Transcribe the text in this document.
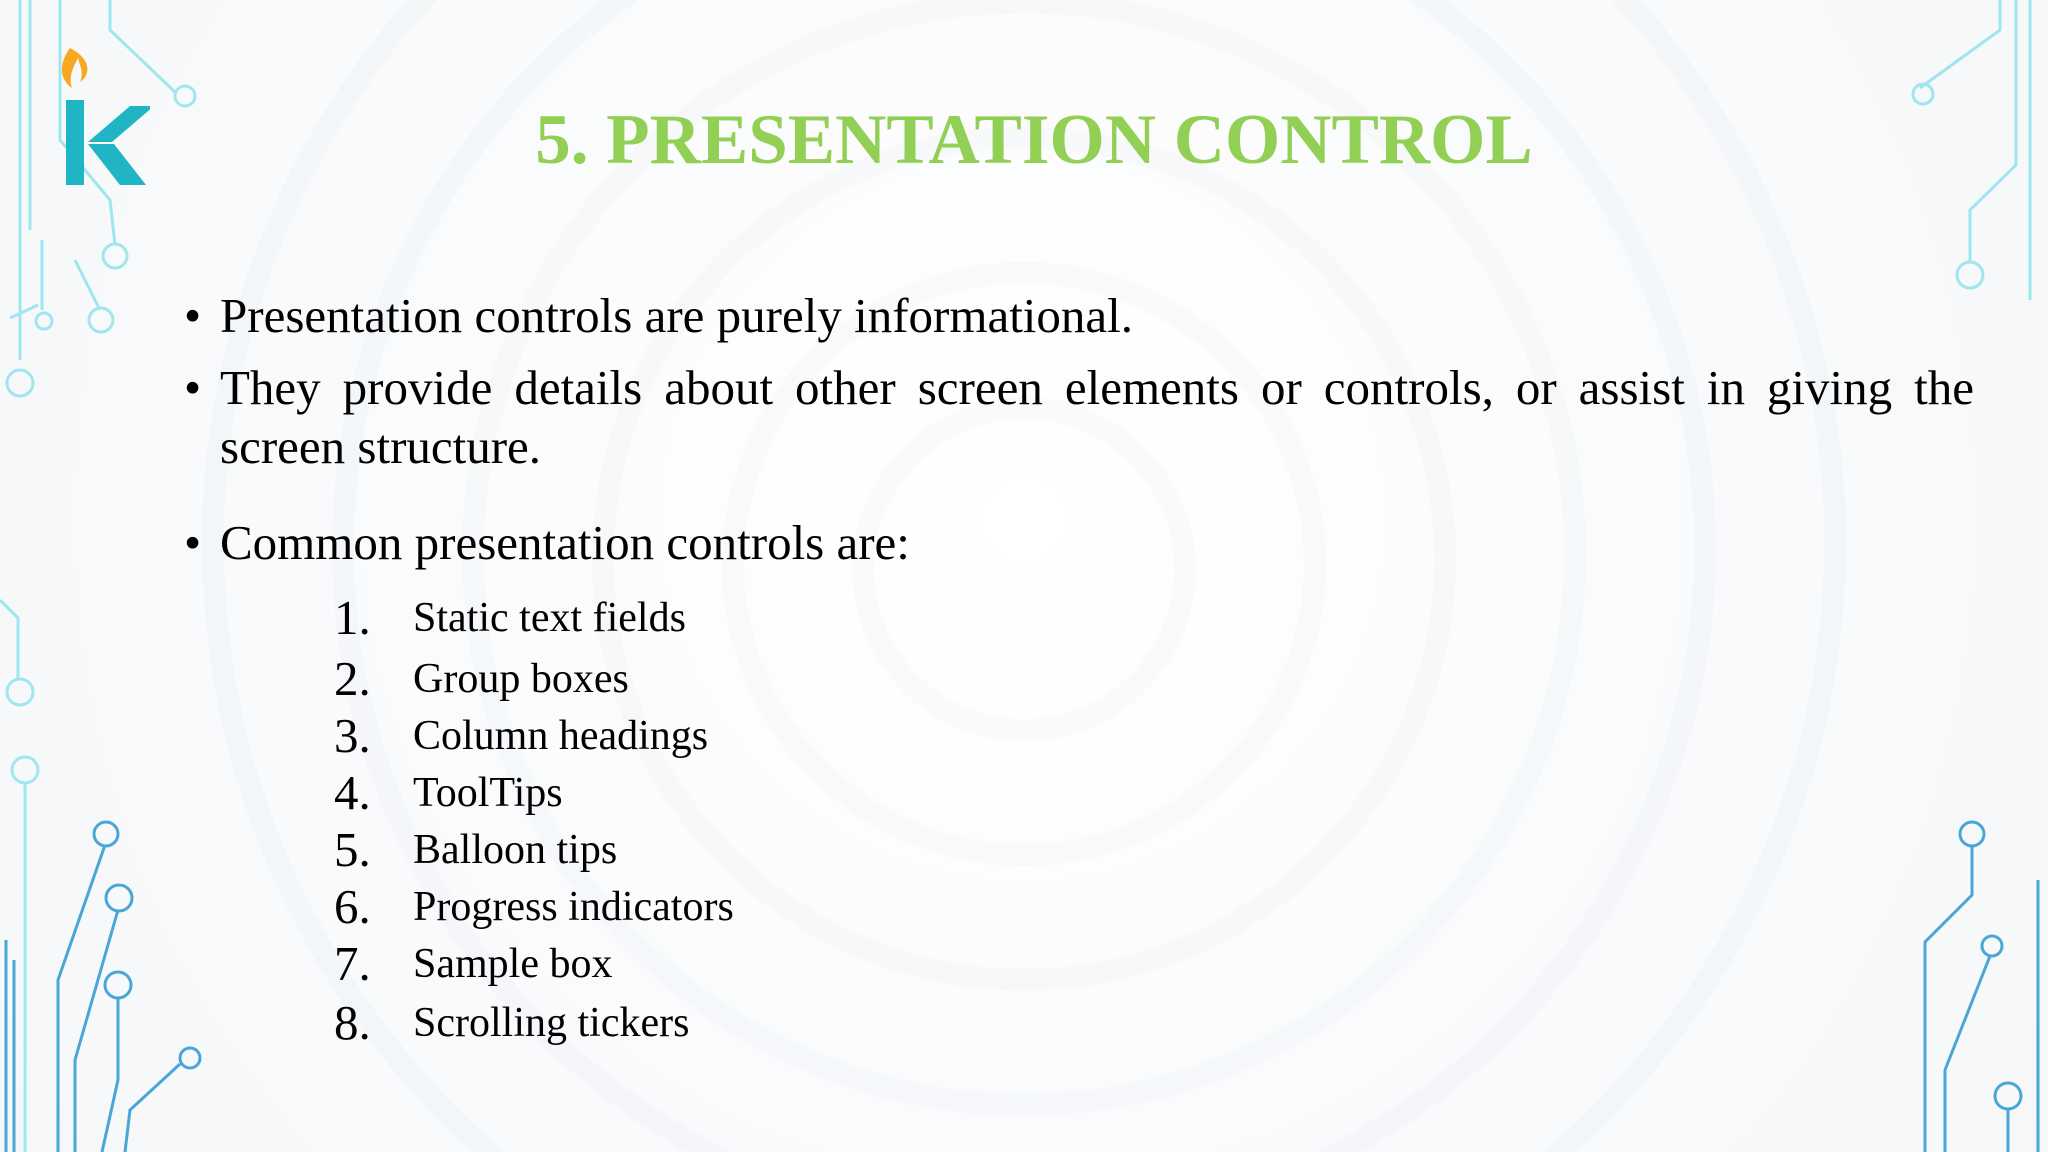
5. PRESENTATION CONTROL
• Presentation controls are purely informational.
• They provide details about other screen elements or controls, or assist in giving the screen structure.
• Common presentation controls are:
1. Static text fields
2. Group boxes
3. Column headings
4. ToolTips
5. Balloon tips
6. Progress indicators
7. Sample box
8. Scrolling tickers
